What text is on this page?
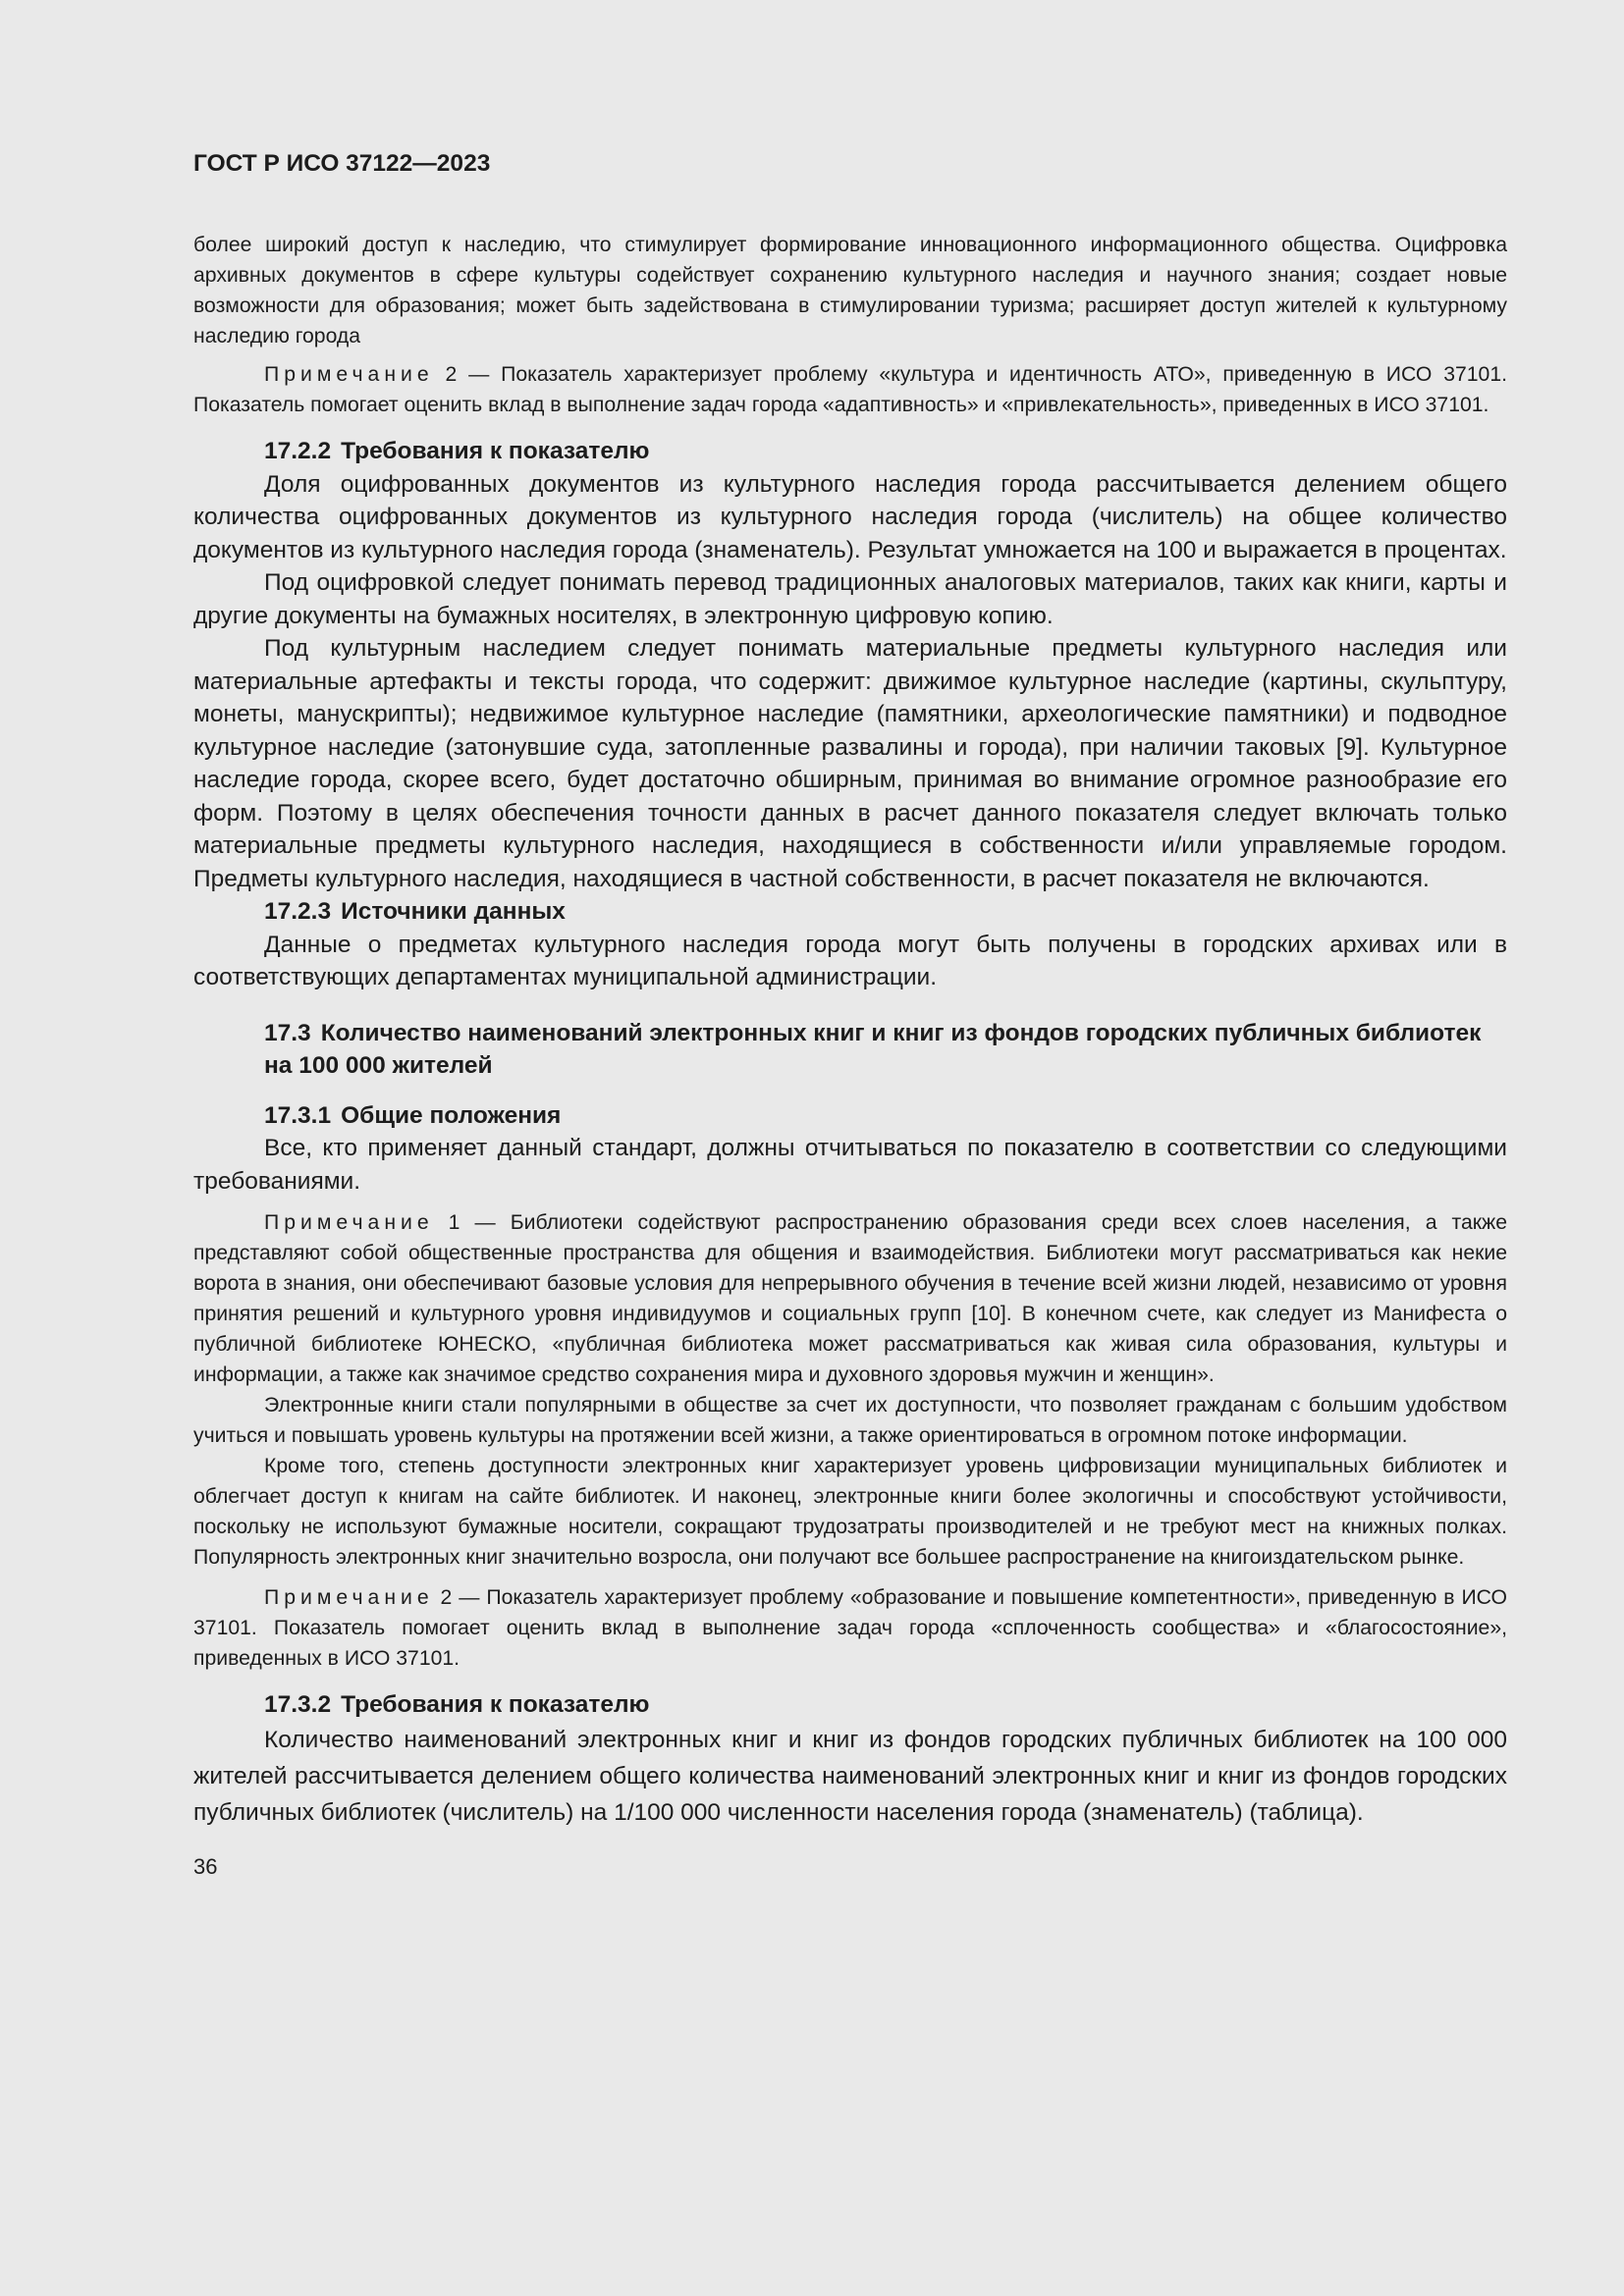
ГОСТ Р ИСО 37122—2023

более широкий доступ к наследию, что стимулирует формирование инновационного информационного общества. Оцифровка архивных документов в сфере культуры содействует сохранению культурного наследия и научного знания; создает новые возможности для образования; может быть задействована в стимулировании туризма; расширяет доступ жителей к культурному наследию города

Примечание 2 — Показатель характеризует проблему «культура и идентичность АТО», приведенную в ИСО 37101. Показатель помогает оценить вклад в выполнение задач города «адаптивность» и «привлекательность», приведенных в ИСО 37101.

17.2.2 Требования к показателю

Доля оцифрованных документов из культурного наследия города рассчитывается делением общего количества оцифрованных документов из культурного наследия города (числитель) на общее количество документов из культурного наследия города (знаменатель). Результат умножается на 100 и выражается в процентах.

Под оцифровкой следует понимать перевод традиционных аналоговых материалов, таких как книги, карты и другие документы на бумажных носителях, в электронную цифровую копию.

Под культурным наследием следует понимать материальные предметы культурного наследия или материальные артефакты и тексты города, что содержит: движимое культурное наследие (картины, скульптуру, монеты, манускрипты); недвижимое культурное наследие (памятники, археологические памятники) и подводное культурное наследие (затонувшие суда, затопленные развалины и города), при наличии таковых [9]. Культурное наследие города, скорее всего, будет достаточно обширным, принимая во внимание огромное разнообразие его форм. Поэтому в целях обеспечения точности данных в расчет данного показателя следует включать только материальные предметы культурного наследия, находящиеся в собственности и/или управляемые городом. Предметы культурного наследия, находящиеся в частной собственности, в расчет показателя не включаются.

17.2.3 Источники данных

Данные о предметах культурного наследия города могут быть получены в городских архивах или в соответствующих департаментах муниципальной администрации.

17.3 Количество наименований электронных книг и книг из фондов городских публичных библиотек на 100 000 жителей
17.3.1 Общие положения

Все, кто применяет данный стандарт, должны отчитываться по показателю в соответствии со следующими требованиями.

Примечание 1 — Библиотеки содействуют распространению образования среди всех слоев населения, а также представляют собой общественные пространства для общения и взаимодействия. Библиотеки могут рассматриваться как некие ворота в знания, они обеспечивают базовые условия для непрерывного обучения в течение всей жизни людей, независимо от уровня принятия решений и культурного уровня индивидуумов и социальных групп [10]. В конечном счете, как следует из Манифеста о публичной библиотеке ЮНЕСКО, «публичная библиотека может рассматриваться как живая сила образования, культуры и информации, а также как значимое средство сохранения мира и духовного здоровья мужчин и женщин».

Электронные книги стали популярными в обществе за счет их доступности, что позволяет гражданам с большим удобством учиться и повышать уровень культуры на протяжении всей жизни, а также ориентироваться в огромном потоке информации.

Кроме того, степень доступности электронных книг характеризует уровень цифровизации муниципальных библиотек и облегчает доступ к книгам на сайте библиотек. И наконец, электронные книги более экологичны и способствуют устойчивости, поскольку не используют бумажные носители, сокращают трудозатраты производителей и не требуют мест на книжных полках. Популярность электронных книг значительно возросла, они получают все большее распространение на книгоиздательском рынке.

Примечание 2 — Показатель характеризует проблему «образование и повышение компетентности», приведенную в ИСО 37101. Показатель помогает оценить вклад в выполнение задач города «сплоченность сообщества» и «благосостояние», приведенных в ИСО 37101.

17.3.2 Требования к показателю

Количество наименований электронных книг и книг из фондов городских публичных библиотек на 100 000 жителей рассчитывается делением общего количества наименований электронных книг и книг из фондов городских публичных библиотек (числитель) на 1/100 000 численности населения города (знаменатель) (таблица).

36
